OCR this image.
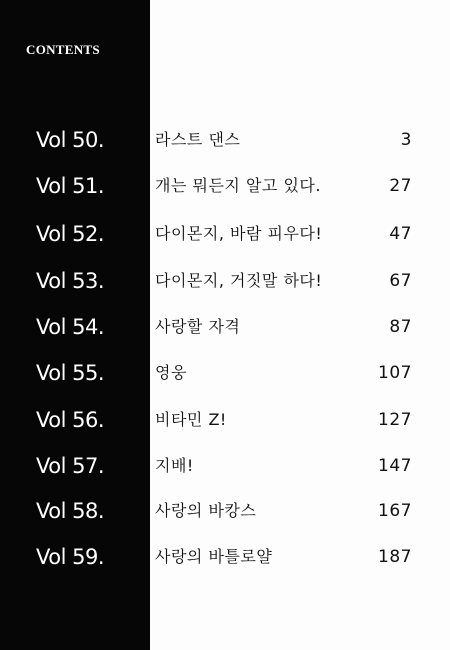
CONTENTS
Vol 50.	라스트 댄스	3
Vol 51.	개는 뭐든지 알고 있다.	27
Vol 52.	다이몬지, 바람 피우다!	47
Vol 53.	다이몬지, 거짓말 하다!	67
Vol 54.	사랑할 자격	87
Vol 55.	영웅	107
Vol 56.	비타민 Z!	127
Vol 57.	지배!	147
Vol 58.	사랑의 바캉스	167
Vol 59.	사랑의 바틀로얄	187
